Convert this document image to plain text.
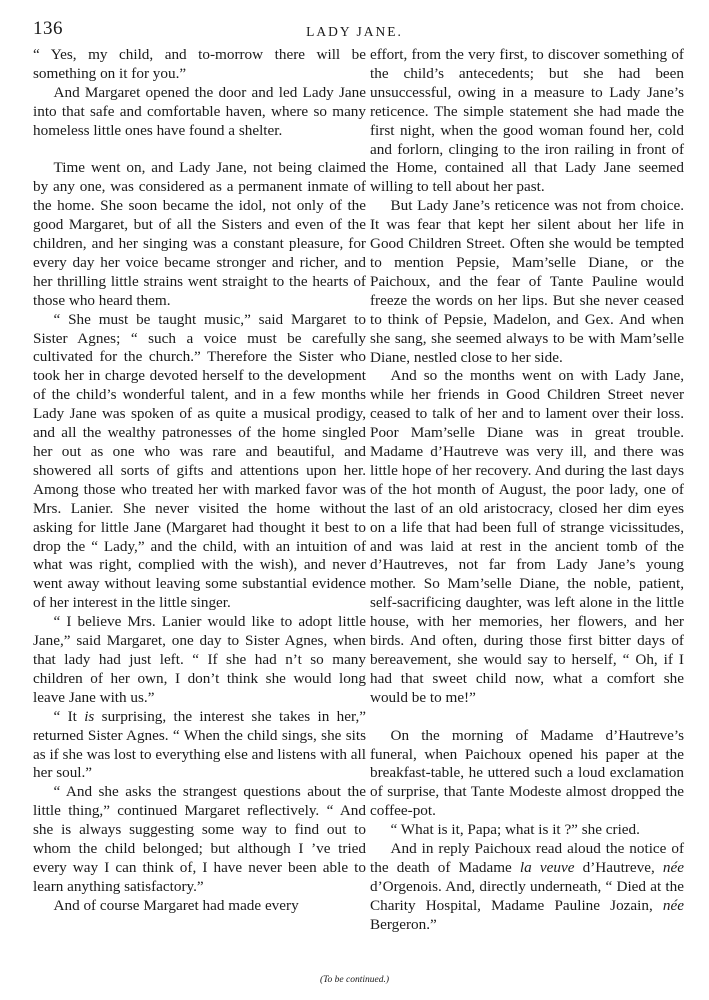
136	LADY JANE.

“ Yes, my child, and to-morrow there will be something on it for you.”

And Margaret opened the door and led Lady Jane into that safe and comfortable haven, where so many homeless little ones have found a shelter.

Time went on, and Lady Jane, not being claimed by any one, was considered as a permanent inmate of the home. She soon became the idol, not only of the good Margaret, but of all the Sisters and even of the children, and her singing was a constant pleasure, for every day her voice became stronger and richer, and her thrilling little strains went straight to the hearts of those who heard them.

“ She must be taught music,” said Margaret to Sister Agnes; “ such a voice must be carefully cultivated for the church.” Therefore the Sister who took her in charge devoted herself to the development of the child’s wonderful talent, and in a few months Lady Jane was spoken of as quite a musical prodigy, and all the wealthy patronesses of the home singled her out as one who was rare and beautiful, and showered all sorts of gifts and attentions upon her. Among those who treated her with marked favor was Mrs. Lanier. She never visited the home without asking for little Jane (Margaret had thought it best to drop the “ Lady,” and the child, with an intuition of what was right, complied with the wish), and never went away without leaving some substantial evidence of her interest in the little singer.

“ I believe Mrs. Lanier would like to adopt little Jane,” said Margaret, one day to Sister Agnes, when that lady had just left. “ If she had n’t so many children of her own, I don’t think she would long leave Jane with us.”

“ It is surprising, the interest she takes in her,” returned Sister Agnes. “ When the child sings, she sits as if she was lost to everything else and listens with all her soul.”

“ And she asks the strangest questions about the little thing,” continued Margaret reflectively. “ And she is always suggesting some way to find out to whom the child belonged; but although I ’ve tried every way I can think of, I have never been able to learn anything satisfactory.”

And of course Margaret had made every

effort, from the very first, to discover something of the child’s antecedents; but she had been unsuccessful, owing in a measure to Lady Jane’s reticence. The simple statement she had made the first night, when the good woman found her, cold and forlorn, clinging to the iron railing in front of the Home, contained all that Lady Jane seemed willing to tell about her past.

But Lady Jane’s reticence was not from choice. It was fear that kept her silent about her life in Good Children Street. Often she would be tempted to mention Pepsie, Mam’selle Diane, or the Paichoux, and the fear of Tante Pauline would freeze the words on her lips. But she never ceased to think of Pepsie, Madelon, and Gex. And when she sang, she seemed always to be with Mam’selle Diane, nestled close to her side.

And so the months went on with Lady Jane, while her friends in Good Children Street never ceased to talk of her and to lament over their loss. Poor Mam’selle Diane was in great trouble. Madame d’Hautreve was very ill, and there was little hope of her recovery. And during the last days of the hot month of August, the poor lady, one of the last of an old aristocracy, closed her dim eyes on a life that had been full of strange vicissitudes, and was laid at rest in the ancient tomb of the d’Hautreves, not far from Lady Jane’s young mother. So Mam’selle Diane, the noble, patient, self-sacrificing daughter, was left alone in the little house, with her memories, her flowers, and her birds. And often, during those first bitter days of bereavement, she would say to herself, “ Oh, if I had that sweet child now, what a comfort she would be to me!”

On the morning of Madame d’Hautreve’s funeral, when Paichoux opened his paper at the breakfast-table, he uttered such a loud exclamation of surprise, that Tante Modeste almost dropped the coffee-pot.

“ What is it, Papa; what is it ?” she cried.

And in reply Paichoux read aloud the notice of the death of Madame la veuve d’Hautreve, née d’Orgenois. And, directly underneath, “ Died at the Charity Hospital, Madame Pauline Jozain, née Bergeron.”

(To be continued.)
